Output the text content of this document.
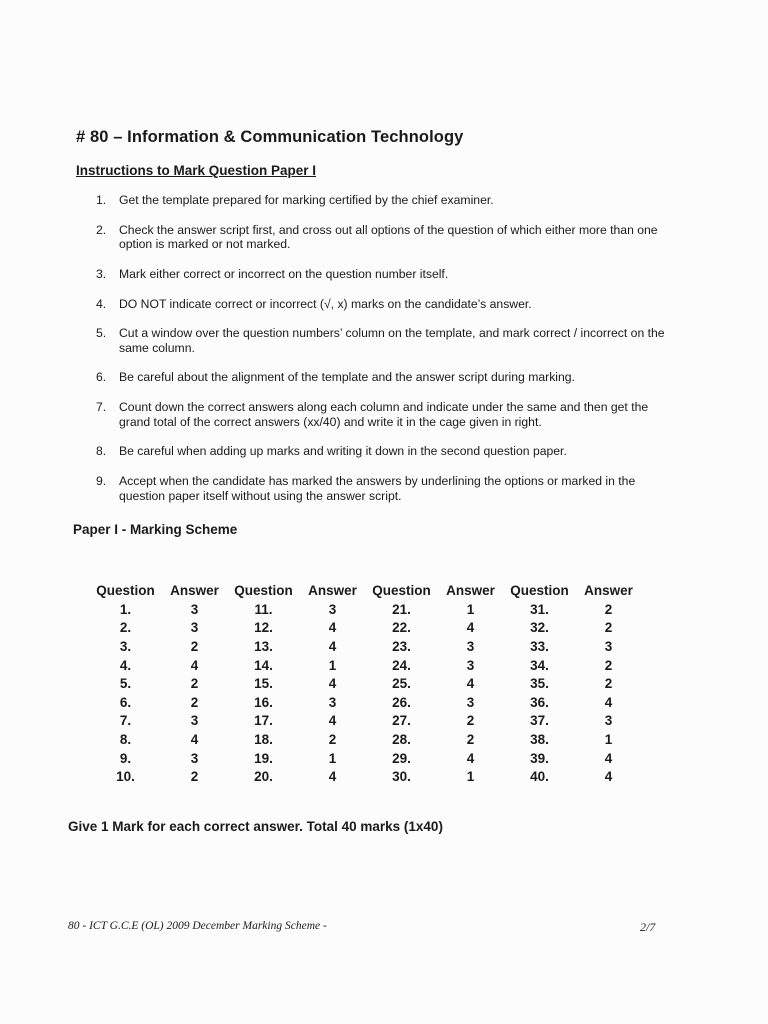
# 80 – Information & Communication Technology
Instructions to Mark Question Paper I
1.	Get the template prepared for marking certified by the chief examiner.
2.	Check the answer script first, and cross out all options of the question of which either more than one option is marked or not marked.
3.	Mark either correct or incorrect on the question number itself.
4.	DO NOT indicate correct or incorrect (√, x) marks on the candidate’s answer.
5.	Cut a window over the question numbers’ column on the template, and mark correct / incorrect on the same column.
6.	Be careful about the alignment of the template and the answer script during marking.
7.	Count down the correct answers along each column and indicate under the same and then get the grand total of the correct answers (xx/40) and write it in the cage given in right.
8.	Be careful when adding up marks and writing it down in the second question paper.
9.	Accept when the candidate has marked the answers by underlining the options or marked in the question paper itself without using the answer script.
Paper I - Marking Scheme
Question	Answer	Question	Answer	Question	Answer	Question	Answer
1.	3	11.	3	21.	1	31.	2
2.	3	12.	4	22.	4	32.	2
3.	2	13.	4	23.	3	33.	3
4.	4	14.	1	24.	3	34.	2
5.	2	15.	4	25.	4	35.	2
6.	2	16.	3	26.	3	36.	4
7.	3	17.	4	27.	2	37.	3
8.	4	18.	2	28.	2	38.	1
9.	3	19.	1	29.	4	39.	4
10.	2	20.	4	30.	1	40.	4
Give 1 Mark for each correct answer. Total 40 marks (1x40)
80 - ICT G.C.E (OL) 2009 December Marking Scheme -	2/7
